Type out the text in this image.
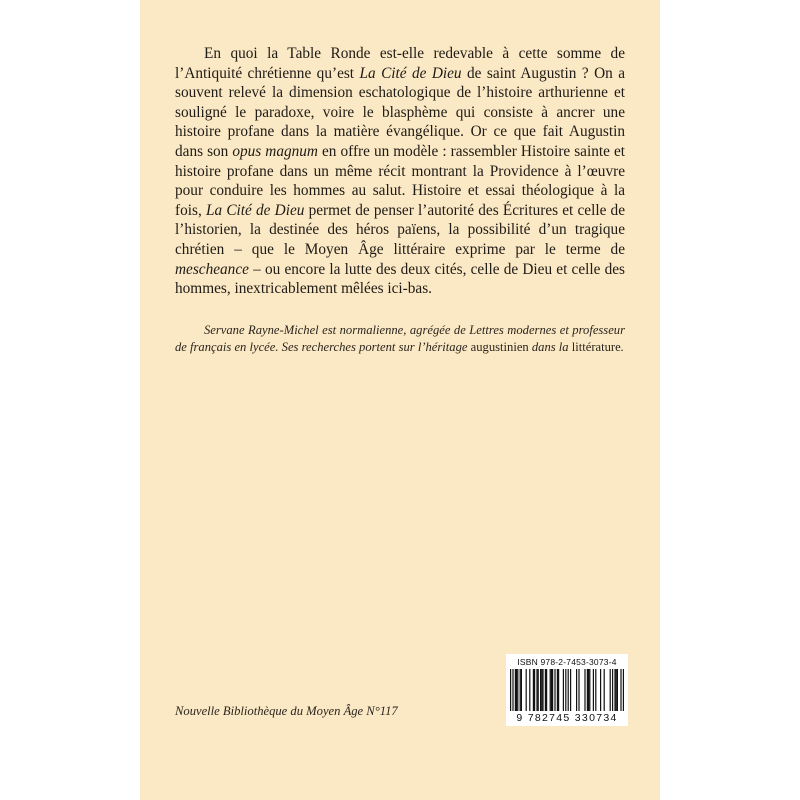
En quoi la Table Ronde est-elle redevable à cette somme de l’Antiquité chrétienne qu’est La Cité de Dieu de saint Augustin ? On a souvent relevé la dimension eschatologique de l’histoire arthurienne et souligné le paradoxe, voire le blasphème qui consiste à ancrer une histoire profane dans la matière évangélique. Or ce que fait Augustin dans son opus magnum en offre un modèle : rassembler Histoire sainte et histoire profane dans un même récit montrant la Providence à l’œuvre pour conduire les hommes au salut. Histoire et essai théologique à la fois, La Cité de Dieu permet de penser l’autorité des Écritures et celle de l’historien, la destinée des héros païens, la possibilité d’un tragique chrétien – que le Moyen Âge littéraire exprime par le terme de mescheance – ou encore la lutte des deux cités, celle de Dieu et celle des hommes, inextricablement mêlées ici-bas.

Servane Rayne-Michel est normalienne, agrégée de Lettres modernes et professeur de français en lycée. Ses recherches portent sur l’héritage augustinien dans la littérature.

Nouvelle Bibliothèque du Moyen Âge N°117
ISBN 978-2-7453-3073-4
9 782745 330734
